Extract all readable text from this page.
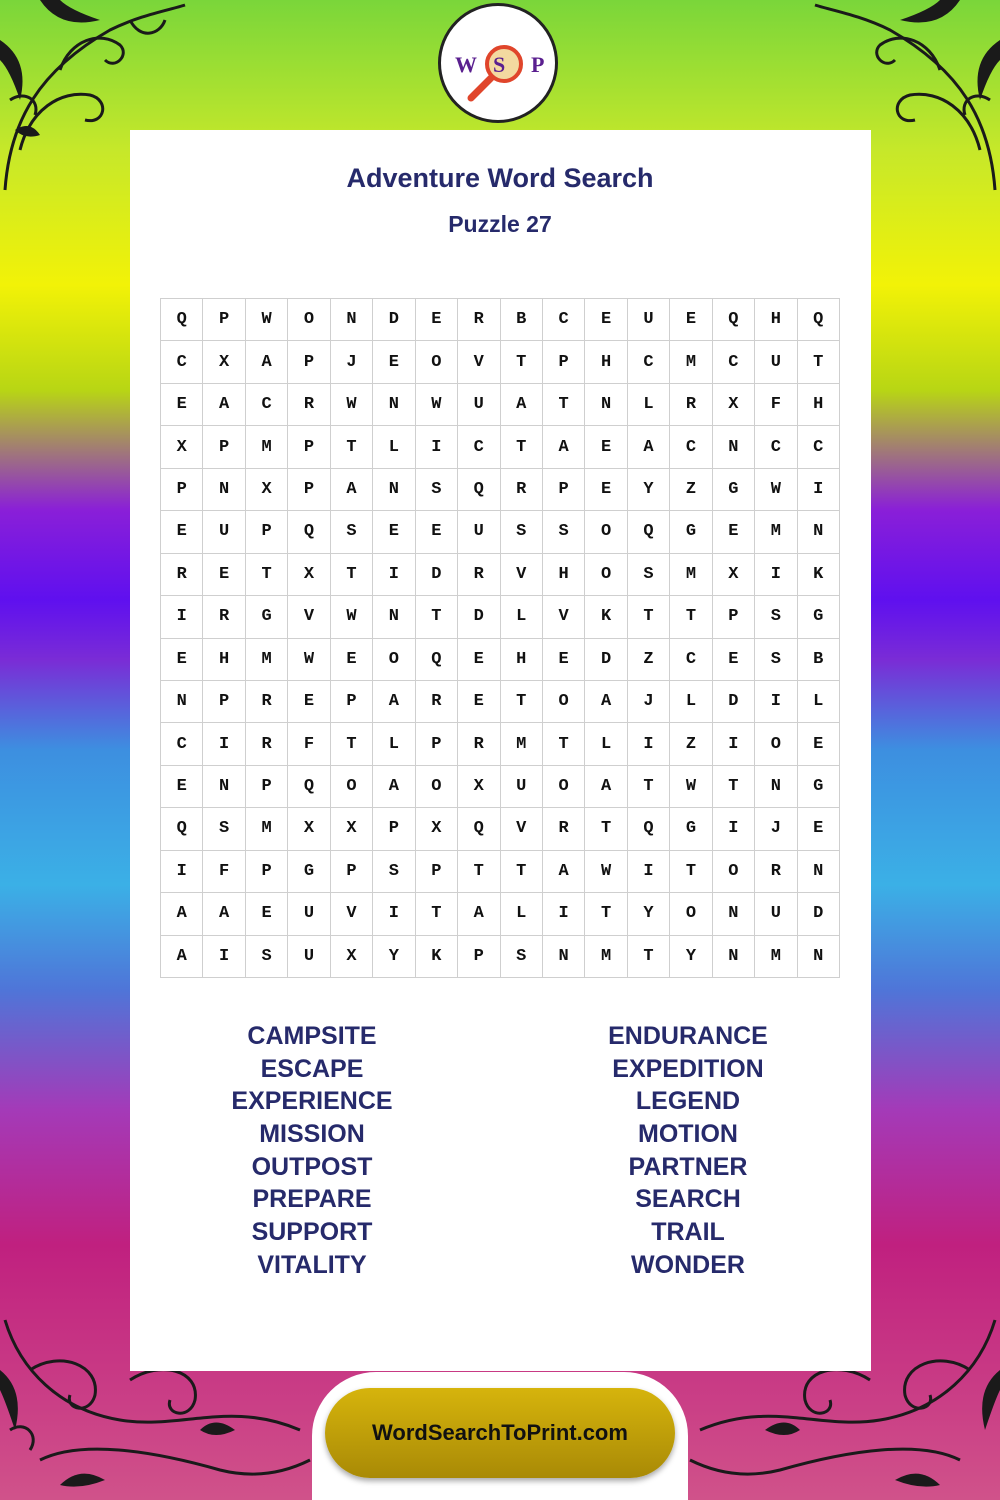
W S P
Adventure Word Search
Puzzle 27
Q	P	W	O	N	D	E	R	B	C	E	U	E	Q	H	Q
C	X	A	P	J	E	O	V	T	P	H	C	M	C	U	T
E	A	C	R	W	N	W	U	A	T	N	L	R	X	F	H
X	P	M	P	T	L	I	C	T	A	E	A	C	N	C	C
P	N	X	P	A	N	S	Q	R	P	E	Y	Z	G	W	I
E	U	P	Q	S	E	E	U	S	S	O	Q	G	E	M	N
R	E	T	X	T	I	D	R	V	H	O	S	M	X	I	K
I	R	G	V	W	N	T	D	L	V	K	T	T	P	S	G
E	H	M	W	E	O	Q	E	H	E	D	Z	C	E	S	B
N	P	R	E	P	A	R	E	T	O	A	J	L	D	I	L
C	I	R	F	T	L	P	R	M	T	L	I	Z	I	O	E
E	N	P	Q	O	A	O	X	U	O	A	T	W	T	N	G
Q	S	M	X	X	P	X	Q	V	R	T	Q	G	I	J	E
I	F	P	G	P	S	P	T	T	A	W	I	T	O	R	N
A	A	E	U	V	I	T	A	L	I	T	Y	O	N	U	D
A	I	S	U	X	Y	K	P	S	N	M	T	Y	N	M	N
CAMPSITE
ESCAPE
EXPERIENCE
MISSION
OUTPOST
PREPARE
SUPPORT
VITALITY
ENDURANCE
EXPEDITION
LEGEND
MOTION
PARTNER
SEARCH
TRAIL
WONDER
WordSearchToPrint.com
